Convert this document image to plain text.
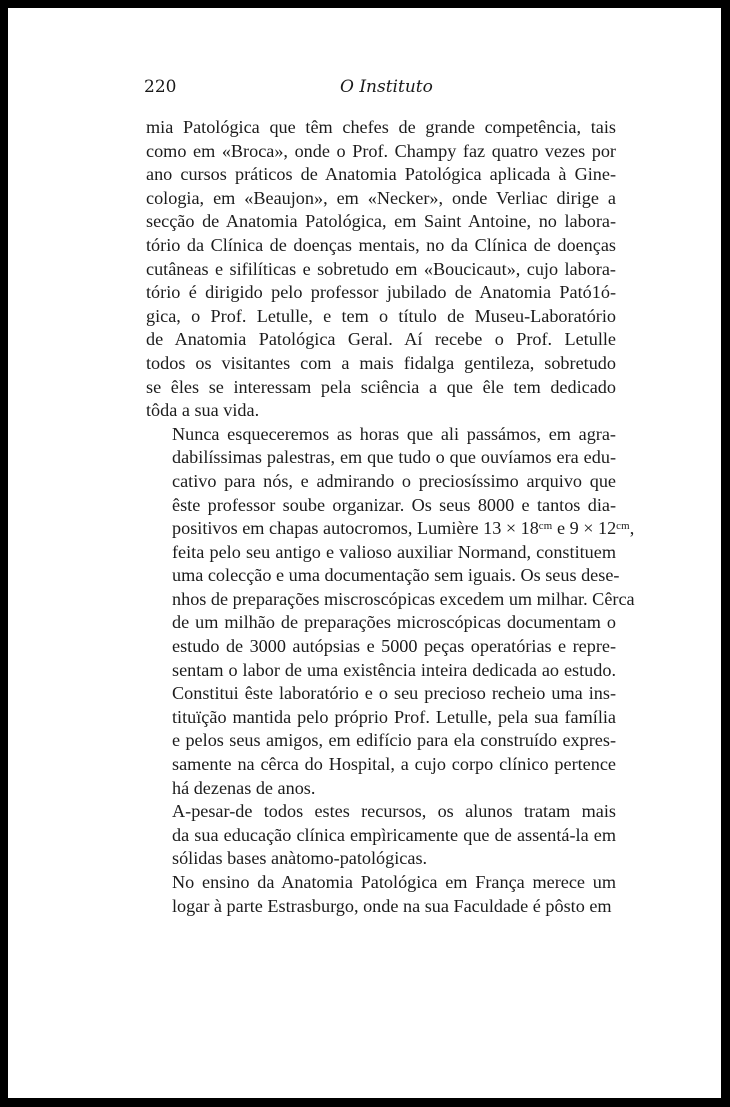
220	O Instituto

mia Patológica que têm chefes de grande competência, tais
como em «Broca», onde o Prof. Champy faz quatro vezes por
ano cursos práticos de Anatomia Patológica aplicada à Gine-
cologia, em «Beaujon», em «Necker», onde Verliac dirige a
secção de Anatomia Patológica, em Saint Antoine, no labora-
tório da Clínica de doenças mentais, no da Clínica de doenças
cutâneas e sifilíticas e sobretudo em «Boucicaut», cujo labora-
tório é dirigido pelo professor jubilado de Anatomia Pató1ó-
gica, o Prof. Letulle, e tem o título de Museu-Laboratório
de Anatomia Patológica Geral. Aí recebe o Prof. Letulle
todos os visitantes com a mais fidalga gentileza, sobretudo
se êles se interessam pela sciência a que êle tem dedicado
tôda a sua vida.

Nunca esqueceremos as horas que ali passámos, em agra-
dabilíssimas palestras, em que tudo o que ouvíamos era edu-
cativo para nós, e admirando o preciosíssimo arquivo que
êste professor soube organizar. Os seus 8000 e tantos dia-
positivos em chapas autocromos, Lumière 13 × 18ᶜᵐ e 9 × 12ᶜᵐ,
feita pelo seu antigo e valioso auxiliar Normand, constituem
uma colecção e uma documentação sem iguais. Os seus dese-
nhos de preparações miscroscópicas excedem um milhar. Cêrca
de um milhão de preparações microscópicas documentam o
estudo de 3000 autópsias e 5000 peças operatórias e repre-
sentam o labor de uma existência inteira dedicada ao estudo.
Constitui êste laboratório e o seu precioso recheio uma ins-
tituïção mantida pelo próprio Prof. Letulle, pela sua família
e pelos seus amigos, em edifício para ela construído expres-
samente na cêrca do Hospital, a cujo corpo clínico pertence
há dezenas de anos.

A-pesar-de todos estes recursos, os alunos tratam mais
da sua educação clínica empìricamente que de assentá-la em
sólidas bases anàtomo-patológicas.

No ensino da Anatomia Patológica em França merece um
logar à parte Estrasburgo, onde na sua Faculdade é pôsto em
